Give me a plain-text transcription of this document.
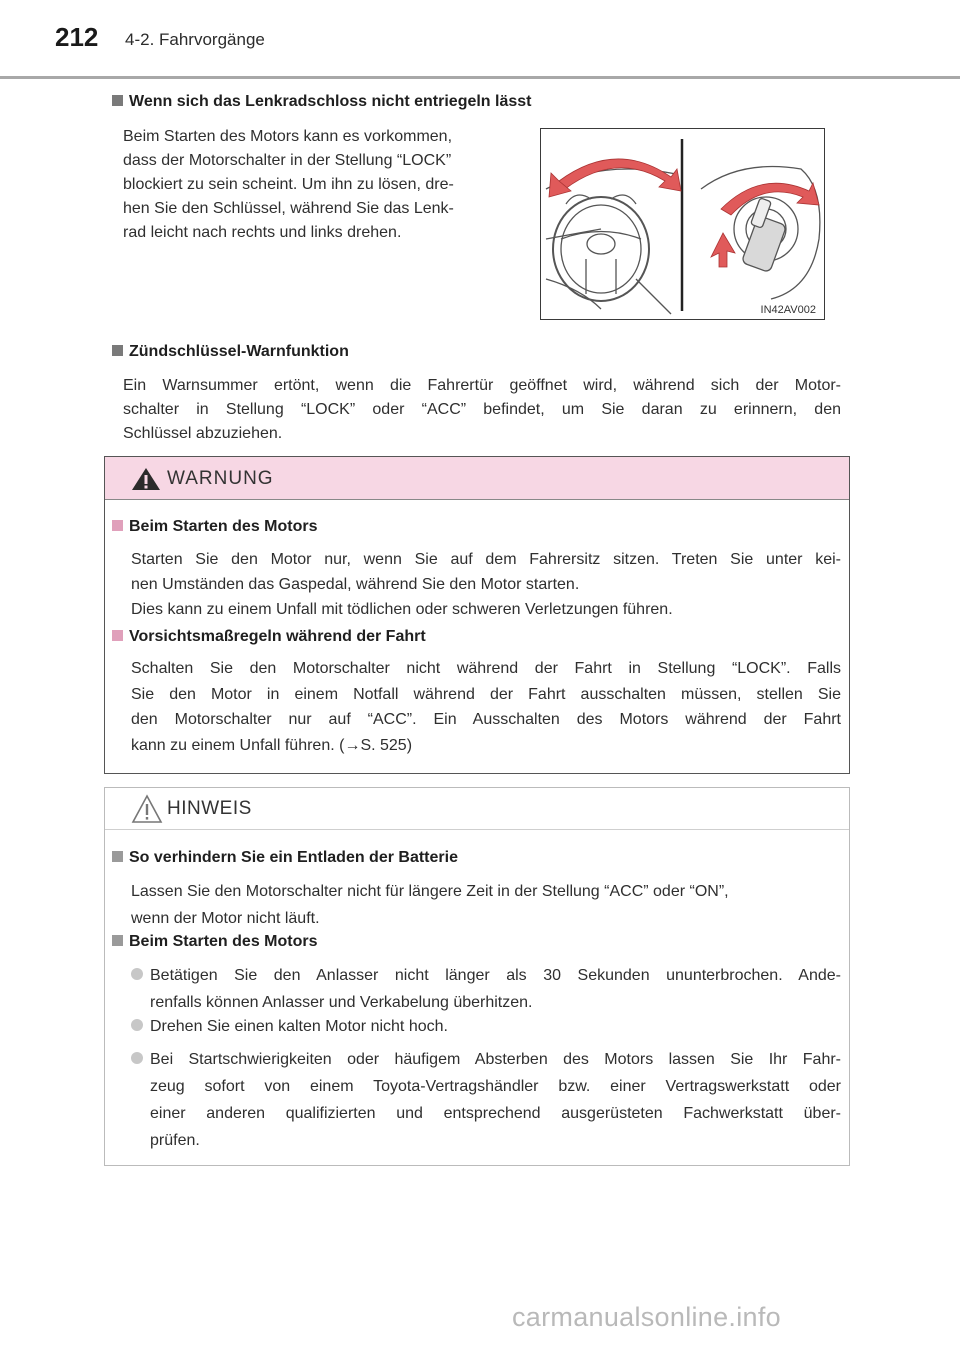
212 4-2. Fahrvorgänge
Wenn sich das Lenkradschloss nicht entriegeln lässt
Beim Starten des Motors kann es vorkommen,
dass der Motorschalter in der Stellung “LOCK”
blockiert zu sein scheint. Um ihn zu lösen, dre-
hen Sie den Schlüssel, während Sie das Lenk-
rad leicht nach rechts und links drehen.
IN42AV002
Zündschlüssel-Warnfunktion
Ein Warnsummer ertönt, wenn die Fahrertür geöffnet wird, während sich der Motor-
schalter in Stellung “LOCK” oder “ACC” befindet, um Sie daran zu erinnern, den
Schlüssel abzuziehen.
WARNUNG
Beim Starten des Motors
Starten Sie den Motor nur, wenn Sie auf dem Fahrersitz sitzen. Treten Sie unter kei-
nen Umständen das Gaspedal, während Sie den Motor starten.
Dies kann zu einem Unfall mit tödlichen oder schweren Verletzungen führen.
Vorsichtsmaßregeln während der Fahrt
Schalten Sie den Motorschalter nicht während der Fahrt in Stellung “LOCK”. Falls
Sie den Motor in einem Notfall während der Fahrt ausschalten müssen, stellen Sie
den Motorschalter nur auf “ACC”. Ein Ausschalten des Motors während der Fahrt
kann zu einem Unfall führen. (→S. 525)
HINWEIS
So verhindern Sie ein Entladen der Batterie
Lassen Sie den Motorschalter nicht für längere Zeit in der Stellung “ACC” oder “ON”,
wenn der Motor nicht läuft.
Beim Starten des Motors
Betätigen Sie den Anlasser nicht länger als 30 Sekunden ununterbrochen. Ande-
renfalls können Anlasser und Verkabelung überhitzen.
Drehen Sie einen kalten Motor nicht hoch.
Bei Startschwierigkeiten oder häufigem Absterben des Motors lassen Sie Ihr Fahr-
zeug sofort von einem Toyota-Vertragshändler bzw. einer Vertragswerkstatt oder
einer anderen qualifizierten und entsprechend ausgerüsteten Fachwerkstatt über-
prüfen.
carmanualsonline.info
